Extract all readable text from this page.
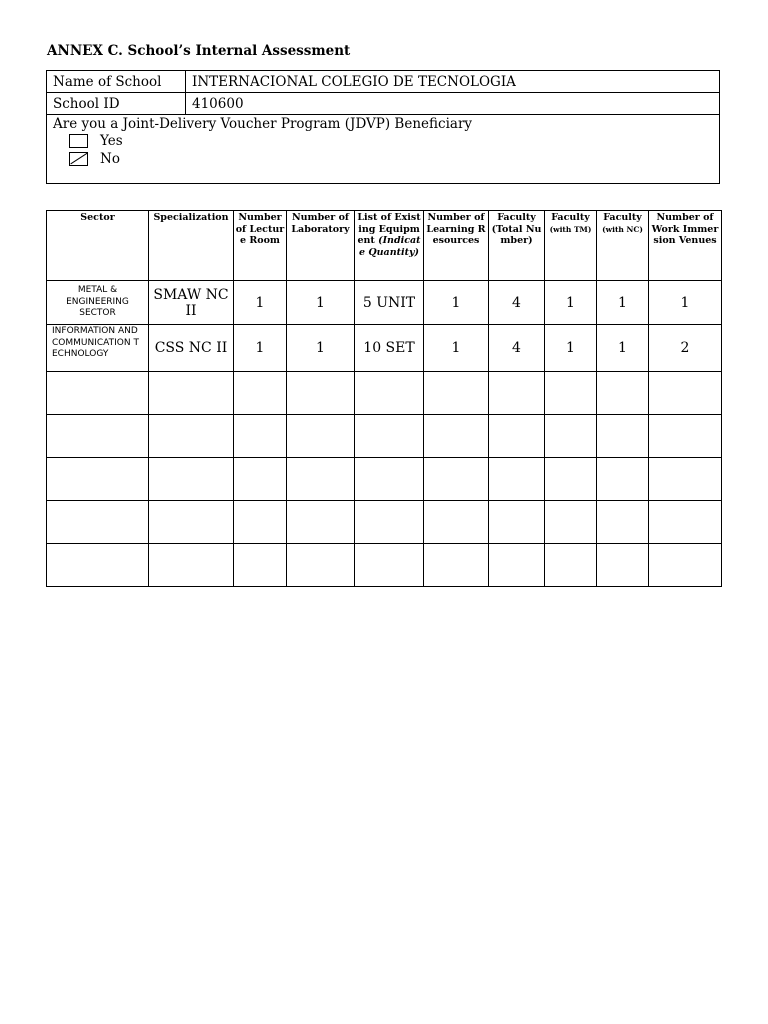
ANNEX C. School’s Internal Assessment
Name of School	INTERNACIONAL COLEGIO DE TECNOLOGIA
School ID	410600

Are you a Joint-Delivery Voucher Program (JDVP) Beneficiary
Yes
No	
Sector	Specialization	Number of Lecture Room	Number of Laboratory	List of Existing Equipment (Indicate Quantity)	Number of Learning Resources	Faculty (Total Number)	Faculty (with TM)	Faculty (with NC)	Number of Work Immersion Venues
METAL & ENGINEERING SECTOR	SMAW NC II	1	1	5 UNIT	1	4	1	1	1
INFORMATION AND COMMUNICATION TECHNOLOGY	CSS NC II	1	1	10 SET	1	4	1	1	2
